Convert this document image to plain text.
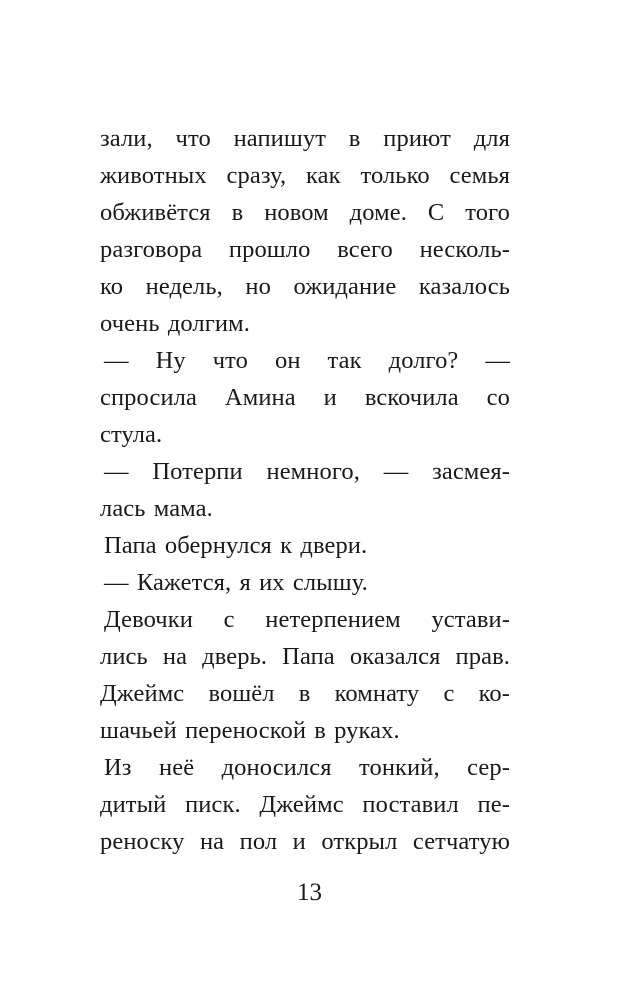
зали, что напишут в приют для
животных сразу, как только семья
обживётся в новом доме. С того
разговора прошло всего несколь-
ко недель, но ожидание казалось
очень долгим.
— Ну что он так долго? —
спросила Амина и вскочила со
стула.
— Потерпи немного, — засмея-
лась мама.
Папа обернулся к двери.
— Кажется, я их слышу.
Девочки с нетерпением устави-
лись на дверь. Папа оказался прав.
Джеймс вошёл в комнату с ко-
шачьей переноской в руках.
Из неё доносился тонкий, сер-
дитый писк. Джеймс поставил пе-
реноску на пол и открыл сетчатую
13
